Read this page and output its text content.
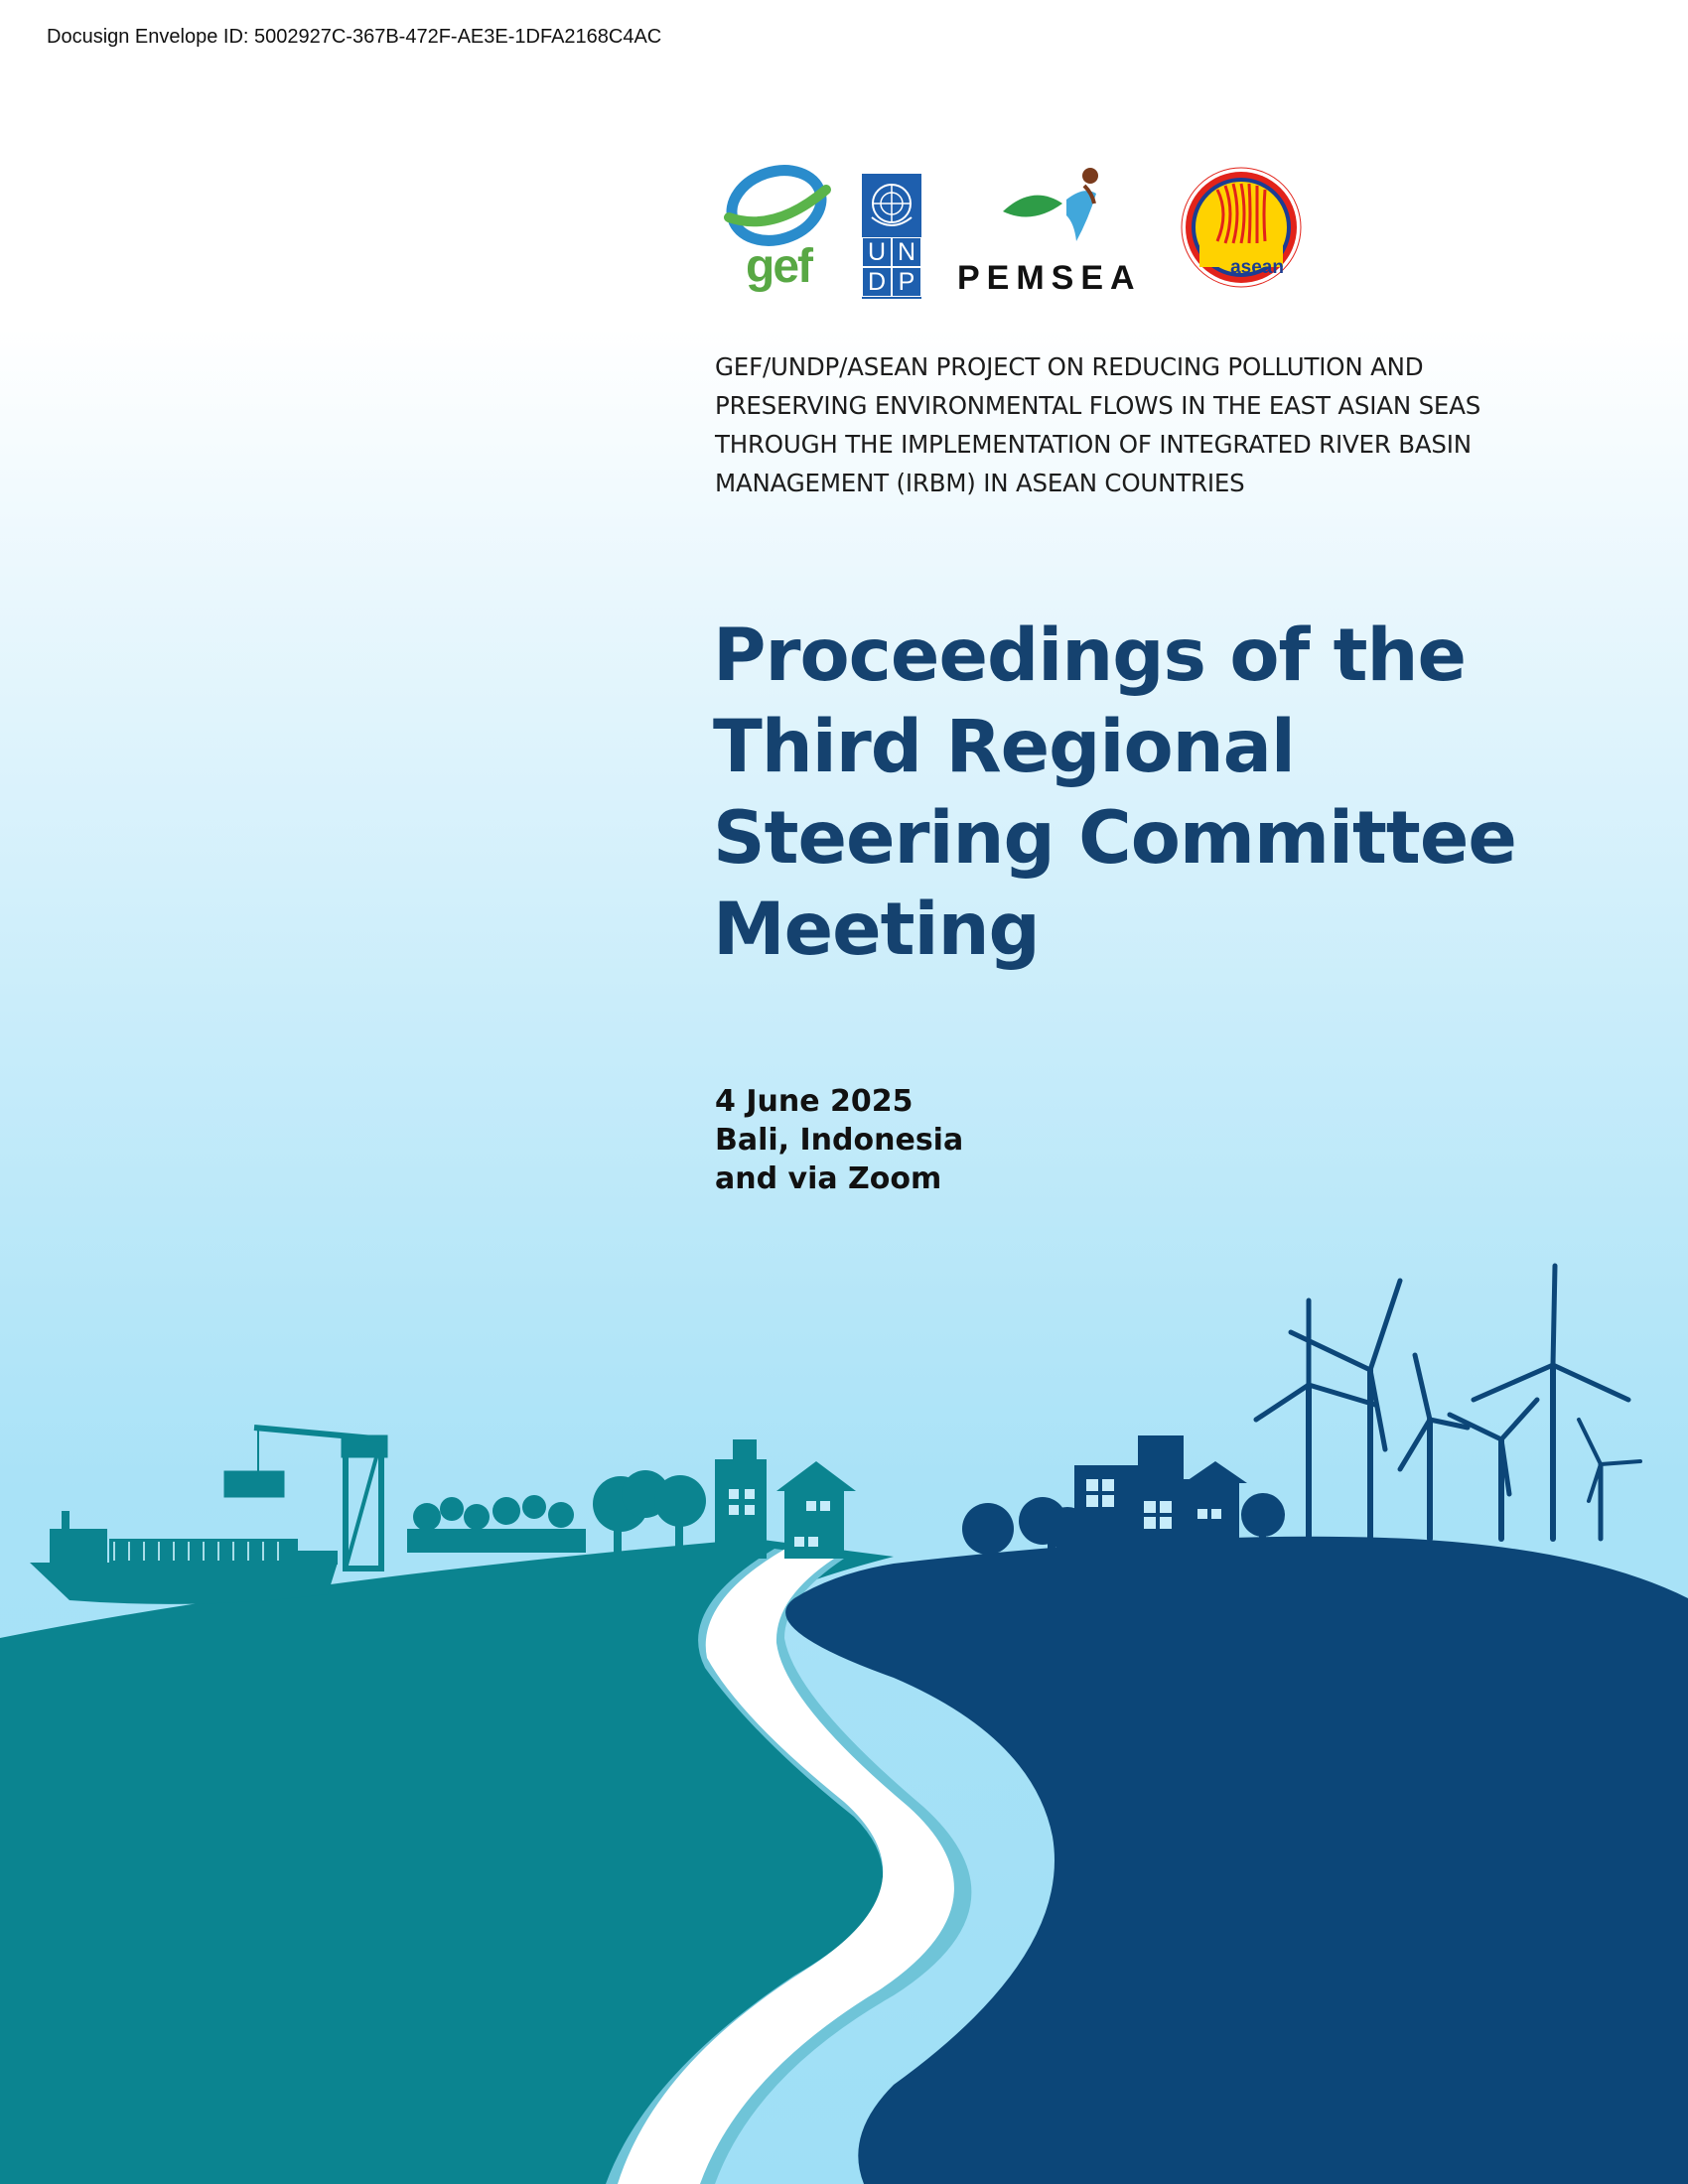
Docusign Envelope ID: 5002927C-367B-472F-AE3E-1DFA2168C4AC
gef	U N
D P PEMSEA	asean
GEF/UNDP/ASEAN PROJECT ON REDUCING POLLUTION AND
PRESERVING ENVIRONMENTAL FLOWS IN THE EAST ASIAN SEAS
THROUGH THE IMPLEMENTATION OF INTEGRATED RIVER BASIN
MANAGEMENT (IRBM) IN ASEAN COUNTRIES
Proceedings of the
Third Regional
Steering Committee
Meeting
4 June 2025
Bali, Indonesia
and via Zoom
